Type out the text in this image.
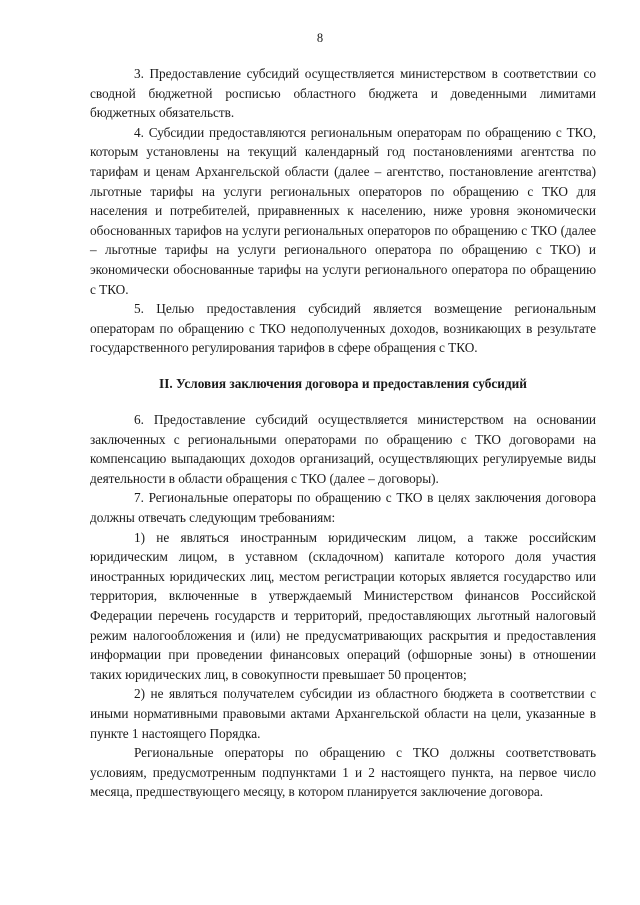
8

3. Предоставление субсидий осуществляется министерством в соответствии со сводной бюджетной росписью областного бюджета и доведенными лимитами бюджетных обязательств.

4. Субсидии предоставляются региональным операторам по обращению с ТКО, которым установлены на текущий календарный год постановлениями агентства по тарифам и ценам Архангельской области (далее – агентство, постановление агентства) льготные тарифы на услуги региональных операторов по обращению с ТКО для населения и потребителей, приравненных к населению, ниже уровня экономически обоснованных тарифов на услуги региональных операторов по обращению с ТКО (далее – льготные тарифы на услуги регионального оператора по обращению с ТКО) и экономически обоснованные тарифы на услуги регионального оператора по обращению с ТКО.

5. Целью предоставления субсидий является возмещение региональным операторам по обращению с ТКО недополученных доходов, возникающих в результате государственного регулирования тарифов в сфере обращения с ТКО.

II. Условия заключения договора и предоставления субсидий

6. Предоставление субсидий осуществляется министерством на основании заключенных с региональными операторами по обращению с ТКО договорами на компенсацию выпадающих доходов организаций, осуществляющих регулируемые виды деятельности в области обращения с ТКО (далее – договоры).

7. Региональные операторы по обращению с ТКО в целях заключения договора должны отвечать следующим требованиям:

1) не являться иностранным юридическим лицом, а также российским юридическим лицом, в уставном (складочном) капитале которого доля участия иностранных юридических лиц, местом регистрации которых является государство или территория, включенные в утверждаемый Министерством финансов Российской Федерации перечень государств и территорий, предоставляющих льготный налоговый режим налогообложения и (или) не предусматривающих раскрытия и предоставления информации при проведении финансовых операций (офшорные зоны) в отношении таких юридических лиц, в совокупности превышает 50 процентов;

2) не являться получателем субсидии из областного бюджета в соответствии с иными нормативными правовыми актами Архангельской области на цели, указанные в пункте 1 настоящего Порядка.

Региональные операторы по обращению с ТКО должны соответствовать условиям, предусмотренным подпунктами 1 и 2 настоящего пункта, на первое число месяца, предшествующего месяцу, в котором планируется заключение договора.
